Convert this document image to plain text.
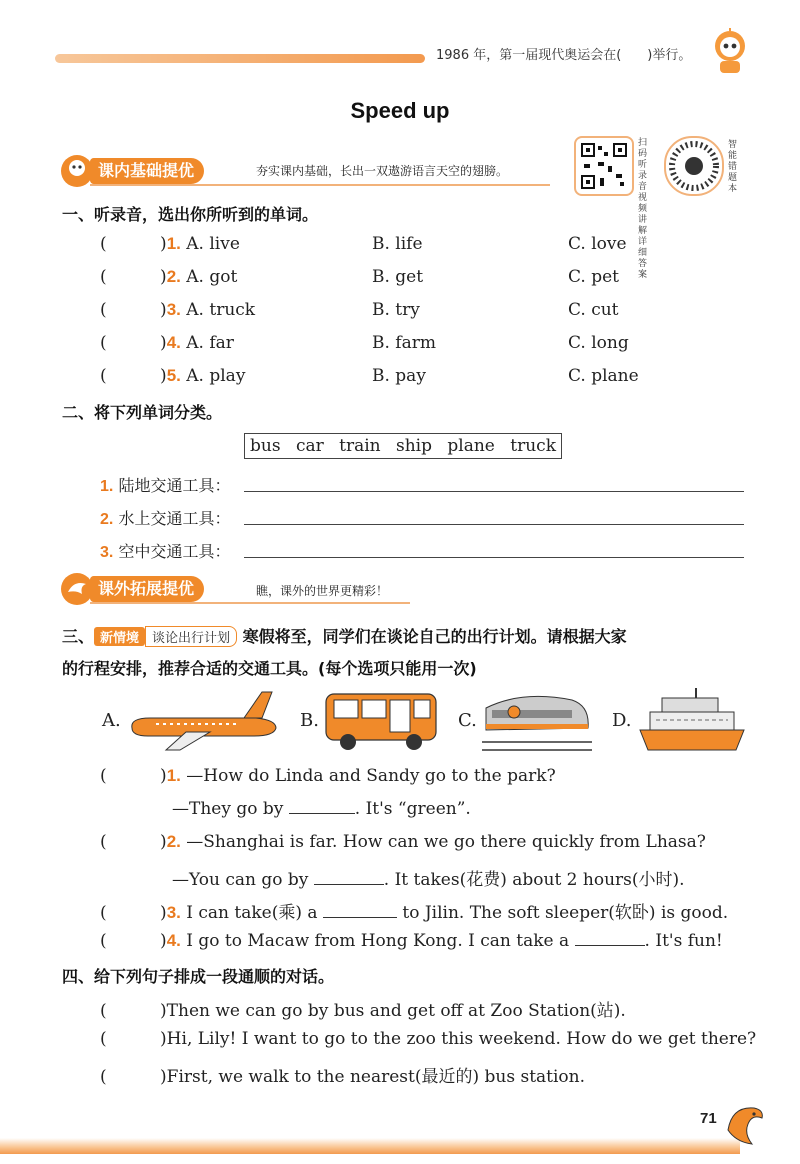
1986 年，第一届现代奥运会在(　　)举行。
Speed up
扫码听录音 视频讲解 详细答案
智能错题本
课内基础提优	夯实课内基础，长出一双遨游语言天空的翅膀。
一、听录音，选出你所听到的单词。
(	)1. A. live	B. life	C. love
(	)2. A. got	B. get	C. pet
(	)3. A. truck	B. try	C. cut
(	)4. A. far	B. farm	C. long
(	)5. A. play	B. pay	C. plane
二、将下列单词分类。
bus car train ship plane truck
1. 陆地交通工具：
2. 水上交通工具：
3. 空中交通工具：
课外拓展提优	瞧，课外的世界更精彩！
三、 新情境 谈论出行计划 寒假将至，同学们在谈论自己的出行计划。请根据大家
的行程安排，推荐合适的交通工具。(每个选项只能用一次)
A.	B.	C.	D.
(	)1. —How do Linda and Sandy go to the park?
—They go by	. It's “green”.
(	)2. —Shanghai is far. How can we go there quickly from Lhasa?
—You can go by	. It takes(花费) about 2 hours(小时).
(	)3. I can take(乘) a	to Jilin. The soft sleeper(软卧) is good.
(	)4. I go to Macaw from Hong Kong. I can take a	. It's fun!
四、给下列句子排成一段通顺的对话。
(	)Then we can go by bus and get off at Zoo Station(站).
(	)Hi, Lily! I want to go to the zoo this weekend. How do we get there?
(	)First, we walk to the nearest(最近的) bus station.
71
